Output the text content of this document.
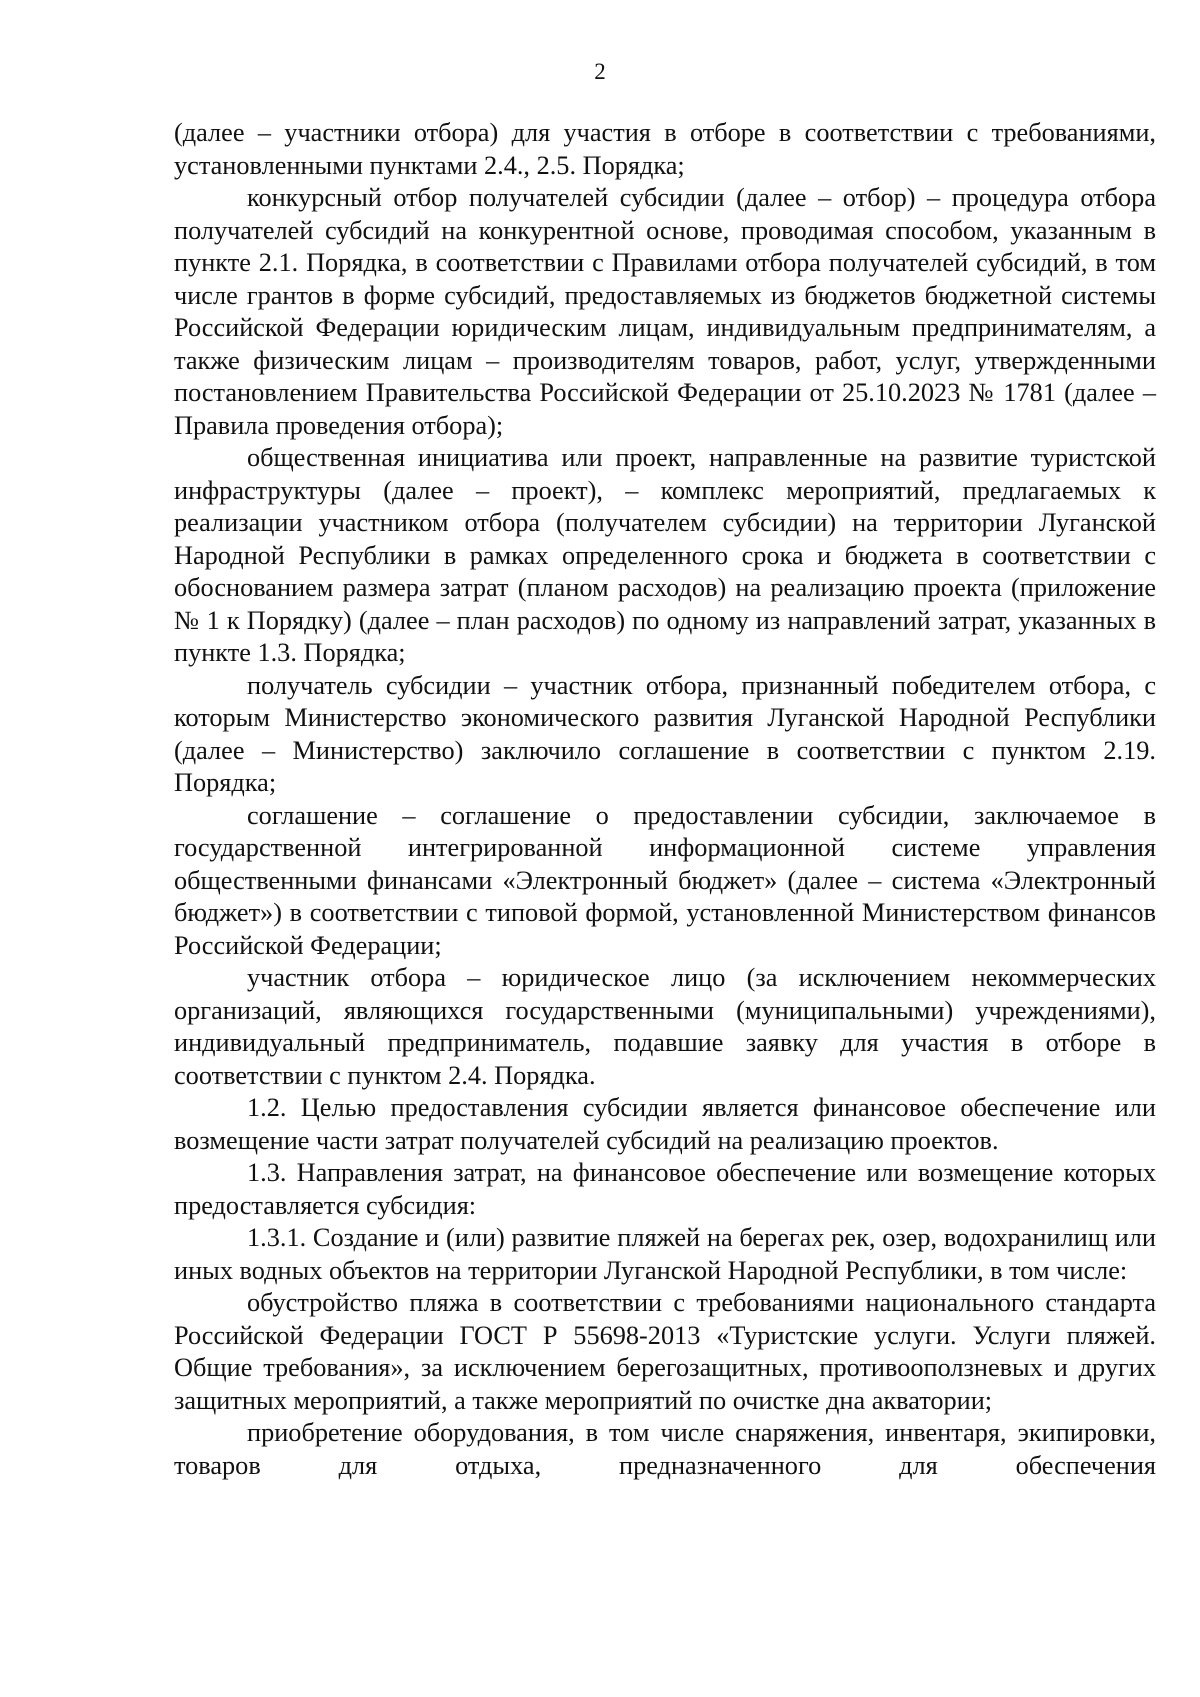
2

(далее – участники отбора) для участия в отборе в соответствии с требованиями, установленными пунктами 2.4., 2.5. Порядка;

конкурсный отбор получателей субсидии (далее – отбор) – процедура отбора получателей субсидий на конкурентной основе, проводимая способом, указанным в пункте 2.1. Порядка, в соответствии с Правилами отбора получателей субсидий, в том числе грантов в форме субсидий, предоставляемых из бюджетов бюджетной системы Российской Федерации юридическим лицам, индивидуальным предпринимателям, а также физическим лицам – производителям товаров, работ, услуг, утвержденными постановлением Правительства Российской Федерации от 25.10.2023 № 1781 (далее – Правила проведения отбора);

общественная инициатива или проект, направленные на развитие туристской инфраструктуры (далее – проект), – комплекс мероприятий, предлагаемых к реализации участником отбора (получателем субсидии) на территории Луганской Народной Республики в рамках определенного срока и бюджета в соответствии с обоснованием размера затрат (планом расходов) на реализацию проекта (приложение № 1 к Порядку) (далее – план расходов) по одному из направлений затрат, указанных в пункте 1.3. Порядка;

получатель субсидии – участник отбора, признанный победителем отбора, с которым Министерство экономического развития Луганской Народной Республики (далее – Министерство) заключило соглашение в соответствии с пунктом 2.19. Порядка;

соглашение – соглашение о предоставлении субсидии, заключаемое в государственной интегрированной информационной системе управления общественными финансами «Электронный бюджет» (далее – система «Электронный бюджет») в соответствии с типовой формой, установленной Министерством финансов Российской Федерации;

участник отбора – юридическое лицо (за исключением некоммерческих организаций, являющихся государственными (муниципальными) учреждениями), индивидуальный предприниматель, подавшие заявку для участия в отборе в соответствии с пунктом 2.4. Порядка.

1.2. Целью предоставления субсидии является финансовое обеспечение или возмещение части затрат получателей субсидий на реализацию проектов.

1.3. Направления затрат, на финансовое обеспечение или возмещение которых предоставляется субсидия:

1.3.1. Создание и (или) развитие пляжей на берегах рек, озер, водохранилищ или иных водных объектов на территории Луганской Народной Республики, в том числе:

обустройство пляжа в соответствии с требованиями национального стандарта Российской Федерации ГОСТ Р 55698-2013 «Туристские услуги. Услуги пляжей. Общие требования», за исключением берегозащитных, противооползневых и других защитных мероприятий, а также мероприятий по очистке дна акватории;

приобретение оборудования, в том числе снаряжения, инвентаря, экипировки, товаров для отдыха, предназначенного для обеспечения
